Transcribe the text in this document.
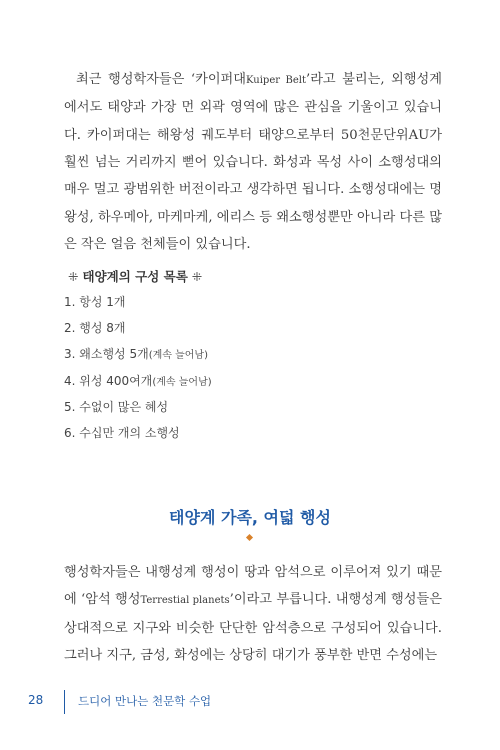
최근 행성학자들은 ‘카이퍼대Kuiper Belt’라고 불리는, 외행성계에서도 태양과 가장 먼 외곽 영역에 많은 관심을 기울이고 있습니다. 카이퍼대는 해왕성 궤도부터 태양으로부터 50천문단위AU가 훨씬 넘는 거리까지 뻗어 있습니다. 화성과 목성 사이 소행성대의 매우 멀고 광범위한 버전이라고 생각하면 됩니다. 소행성대에는 명왕성, 하우메아, 마케마케, 에리스 등 왜소행성뿐만 아니라 다른 많은 작은 얼음 천체들이 있습니다.

⁜ 태양계의 구성 목록 ⁜
1. 항성 1개
2. 행성 8개
3. 왜소행성 5개(계속 늘어남)
4. 위성 400여개(계속 늘어남)
5. 수없이 많은 혜성
6. 수십만 개의 소행성
태양계 가족, 여덟 행성

행성학자들은 내행성계 행성이 땅과 암석으로 이루어져 있기 때문에 ‘암석 행성Terrestial planets’이라고 부릅니다. 내행성계 행성들은 상대적으로 지구와 비슷한 단단한 암석층으로 구성되어 있습니다. 그러나 지구, 금성, 화성에는 상당히 대기가 풍부한 반면 수성에는

28	드디어 만나는 천문학 수업
